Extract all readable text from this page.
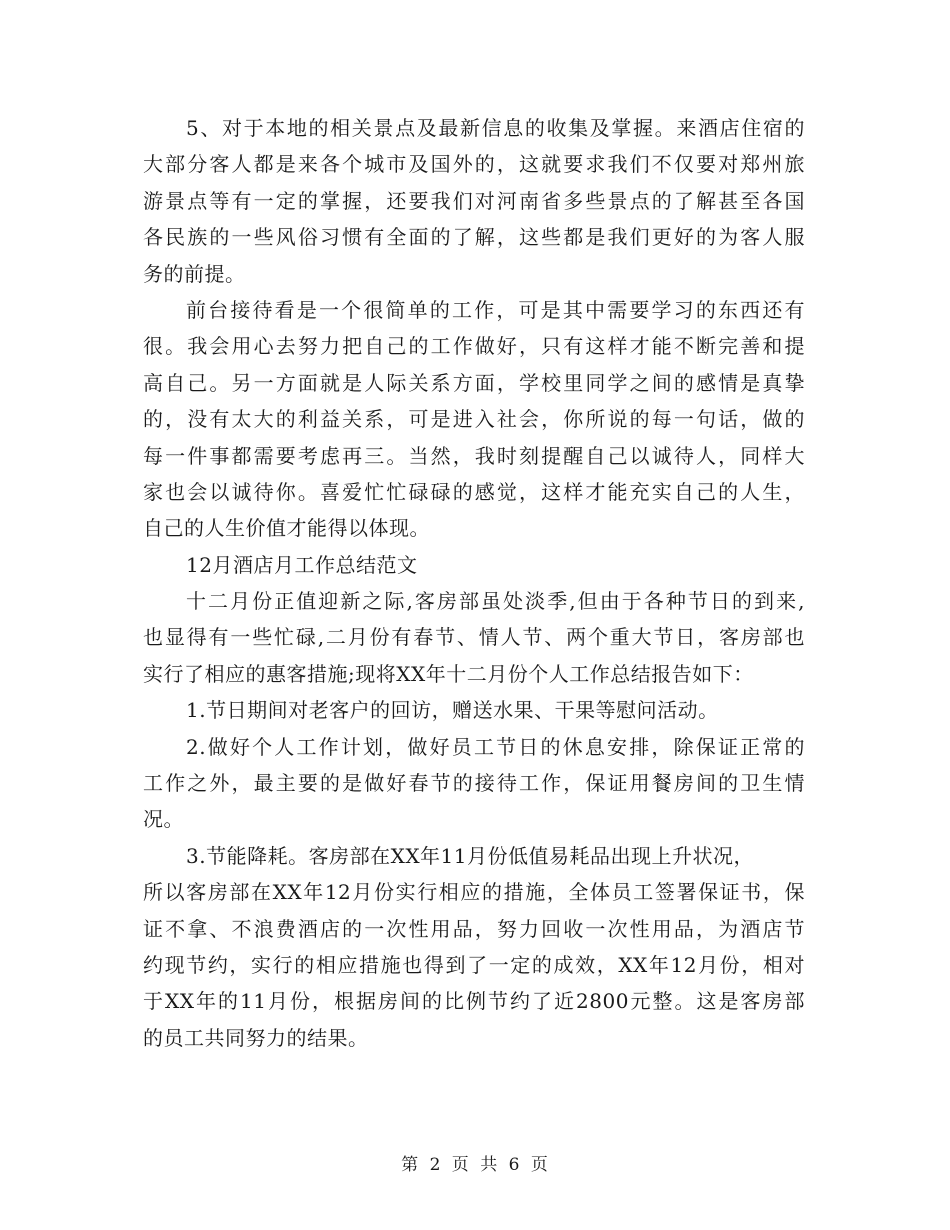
5、对于本地的相关景点及最新信息的收集及掌握。来酒店住宿的
大部分客人都是来各个城市及国外的，这就要求我们不仅要对郑州旅
游景点等有一定的掌握，还要我们对河南省多些景点的了解甚至各国
各民族的一些风俗习惯有全面的了解，这些都是我们更好的为客人服
务的前提。
前台接待看是一个很简单的工作，可是其中需要学习的东西还有
很。我会用心去努力把自己的工作做好，只有这样才能不断完善和提
高自己。另一方面就是人际关系方面，学校里同学之间的感情是真挚
的，没有太大的利益关系，可是进入社会，你所说的每一句话，做的
每一件事都需要考虑再三。当然，我时刻提醒自己以诚待人，同样大
家也会以诚待你。喜爱忙忙碌碌的感觉，这样才能充实自己的人生，
自己的人生价值才能得以体现。
12月酒店月工作总结范文
十二月份正值迎新之际,客房部虽处淡季,但由于各种节日的到来,
也显得有一些忙碌,二月份有春节、情人节、两个重大节日，客房部也
实行了相应的惠客措施;现将XX年十二月份个人工作总结报告如下：
1.节日期间对老客户的回访，赠送水果、干果等慰问活动。
2.做好个人工作计划，做好员工节日的休息安排，除保证正常的
工作之外，最主要的是做好春节的接待工作，保证用餐房间的卫生情
况。
3.节能降耗。客房部在XX年11月份低值易耗品出现上升状况，
所以客房部在XX年12月份实行相应的措施，全体员工签署保证书，保
证不拿、不浪费酒店的一次性用品，努力回收一次性用品，为酒店节
约现节约，实行的相应措施也得到了一定的成效，XX年12月份，相对
于XX年的11月份，根据房间的比例节约了近2800元整。这是客房部
的员工共同努力的结果。
第 2 页 共 6 页
